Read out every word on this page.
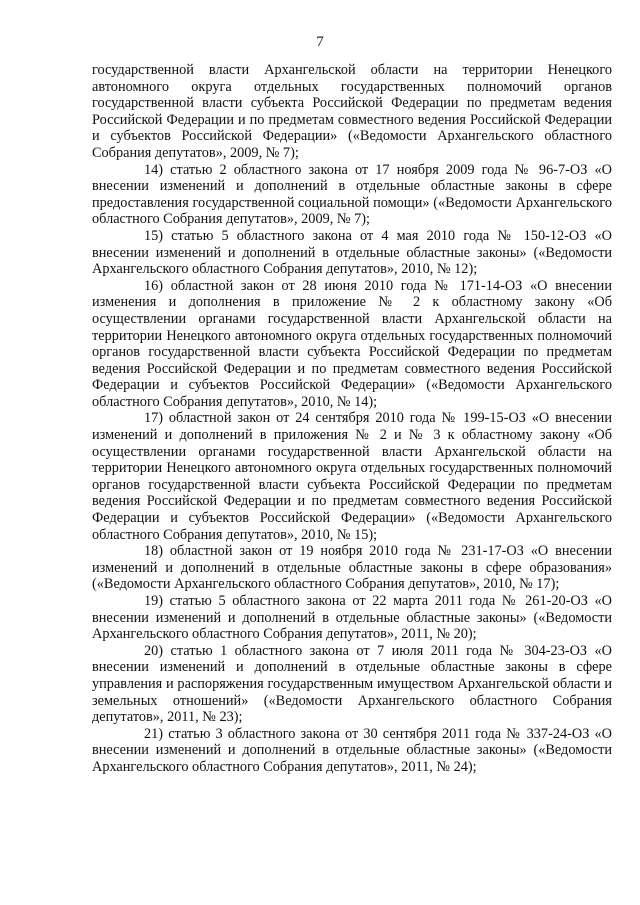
7

государственной власти Архангельской области на территории Ненецкого автономного округа отдельных государственных полномочий органов государственной власти субъекта Российской Федерации по предметам ведения Российской Федерации и по предметам совместного ведения Российской Федерации и субъектов Российской Федерации» («Ведомости Архангельского областного Собрания депутатов», 2009, № 7);

14) статью 2 областного закона от 17 ноября 2009 года № 96-7-ОЗ «О внесении изменений и дополнений в отдельные областные законы в сфере предоставления государственной социальной помощи» («Ведомости Архангельского областного Собрания депутатов», 2009, № 7);

15) статью 5 областного закона от 4 мая 2010 года № 150-12-ОЗ «О внесении изменений и дополнений в отдельные областные законы» («Ведомости Архангельского областного Собрания депутатов», 2010, № 12);

16) областной закон от 28 июня 2010 года № 171-14-ОЗ «О внесении изменения и дополнения в приложение № 2 к областному закону «Об осуществлении органами государственной власти Архангельской области на территории Ненецкого автономного округа отдельных государственных полномочий органов государственной власти субъекта Российской Федерации по предметам ведения Российской Федерации и по предметам совместного ведения Российской Федерации и субъектов Российской Федерации» («Ведомости Архангельского областного Собрания депутатов», 2010, № 14);

17) областной закон от 24 сентября 2010 года № 199-15-ОЗ «О внесении изменений и дополнений в приложения № 2 и № 3 к областному закону «Об осуществлении органами государственной власти Архангельской области на территории Ненецкого автономного округа отдельных государственных полномочий органов государственной власти субъекта Российской Федерации по предметам ведения Российской Федерации и по предметам совместного ведения Российской Федерации и субъектов Российской Федерации» («Ведомости Архангельского областного Собрания депутатов», 2010, № 15);

18) областной закон от 19 ноября 2010 года № 231-17-ОЗ «О внесении изменений и дополнений в отдельные областные законы в сфере образования» («Ведомости Архангельского областного Собрания депутатов», 2010, № 17);

19) статью 5 областного закона от 22 марта 2011 года № 261-20-ОЗ «О внесении изменений и дополнений в отдельные областные законы» («Ведомости Архангельского областного Собрания депутатов», 2011, № 20);

20) статью 1 областного закона от 7 июля 2011 года № 304-23-ОЗ «О внесении изменений и дополнений в отдельные областные законы в сфере управления и распоряжения государственным имуществом Архангельской области и земельных отношений» («Ведомости Архангельского областного Собрания депутатов», 2011, № 23);

21) статью 3 областного закона от 30 сентября 2011 года № 337-24-ОЗ «О внесении изменений и дополнений в отдельные областные законы» («Ведомости Архангельского областного Собрания депутатов», 2011, № 24);
